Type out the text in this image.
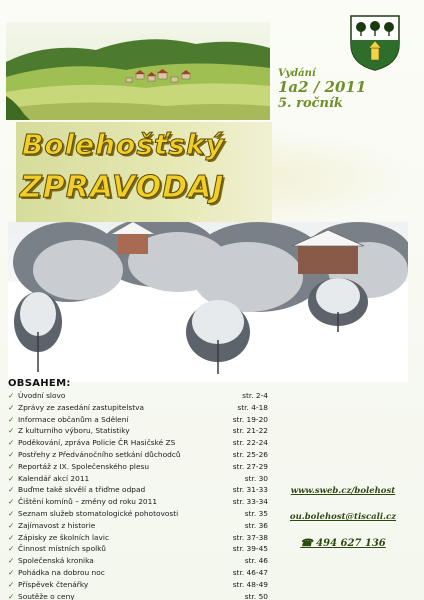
Vydání
1a2 / 2011
5. ročník
Bolehošťský
ZPRAVODAJ
OBSAHEM:
✓ Úvodní slovo	str. 2-4
✓ Zprávy ze zasedání zastupitelstva	str. 4-18
✓ Informace občanům a Sdělení	str. 19-20
✓ Z kulturního výboru, Statistiky	str. 21-22
✓ Poděkování, zpráva Policie ČR Hasičské ZS	str. 22-24
✓ Postřehy z Předvánočního setkání důchodců	str. 25-26
✓ Reportáž z IX. Společenského plesu	str. 27-29
✓ Kalendář akcí 2011	str. 30
✓ Buďme takě skvělí a třiďme odpad	str. 31-33
✓ Čištění komínů – změny od roku 2011	str. 33-34
✓ Seznam služeb stomatologické pohotovosti	str. 35
✓ Zajímavost z historie	str. 36
✓ Zápisky ze školních lavic	str. 37-38
✓ Činnost místních spolků	str. 39-45
✓ Společenská kronika	str. 46
✓ Pohádka na dobrou noc	str. 46-47
✓ Příspěvek čtenářky	str. 48-49
✓ Soutěže o ceny	str. 50
www.sweb.cz/bolehost
ou.bolehost@tiscali.cz
☎ 494 627 136
